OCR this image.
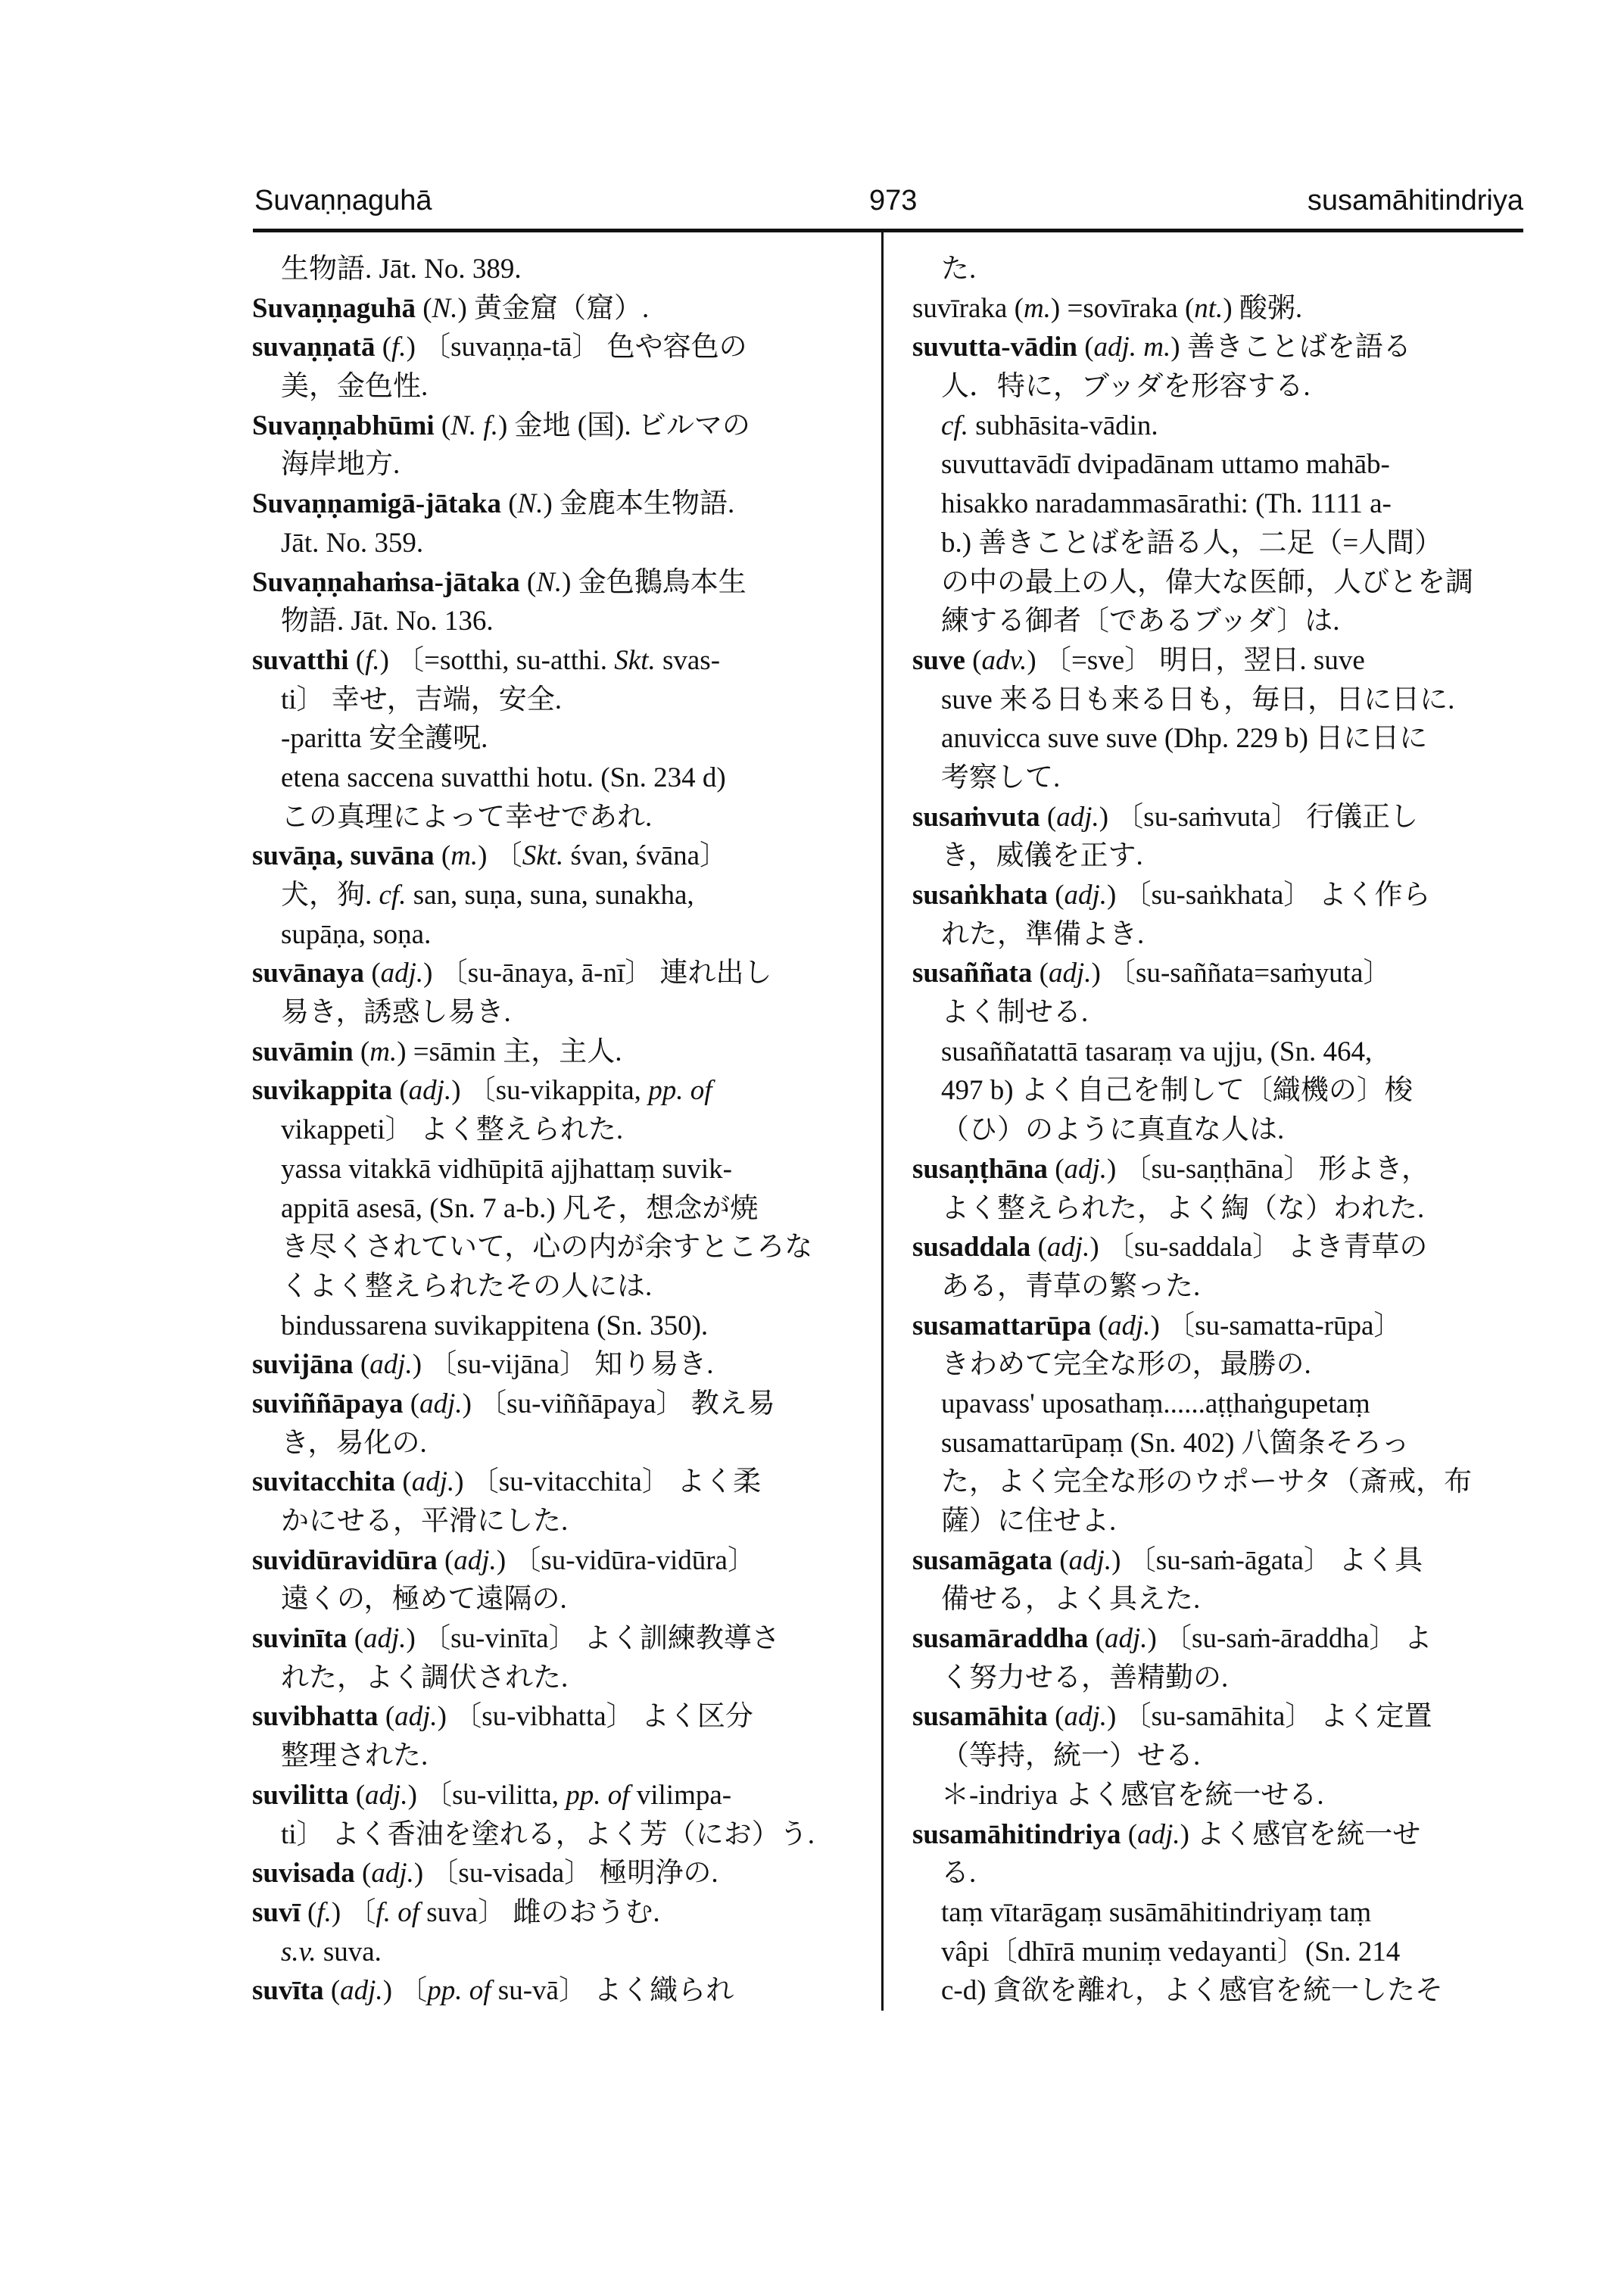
Suvaṇṇaguhā	973	susamāhitindriya
生物語. Jāt. No. 389.
Suvaṇṇaguhā (N.) 黄金窟（窟）.
suvaṇṇatā (f.) 〔suvaṇṇa-tā〕 色や容色の
美，金色性.
Suvaṇṇabhūmi (N. f.) 金地 (国). ビルマの
海岸地方.
Suvaṇṇamigā-jātaka (N.) 金鹿本生物語.
Jāt. No. 359.
Suvaṇṇahaṁsa-jātaka (N.) 金色鵝鳥本生
物語. Jāt. No. 136.
suvatthi (f.) 〔=sotthi, su-atthi. Skt. svas-
ti〕 幸せ，吉端，安全.
-paritta 安全護呪.
etena saccena suvatthi hotu. (Sn. 234 d)
この真理によって幸せであれ.
suvāṇa, suvāna (m.) 〔Skt. śvan, śvāna〕
犬，狗. cf. san, suṇa, suna, sunakha,
supāṇa, soṇa.
suvānaya (adj.) 〔su-ānaya, ā-nī〕 連れ出し
易き，誘惑し易き.
suvāmin (m.) =sāmin 主，主人.
suvikappita (adj.) 〔su-vikappita, pp. of
vikappeti〕 よく整えられた.
yassa vitakkā vidhūpitā ajjhattaṃ suvik-
appitā asesā, (Sn. 7 a-b.) 凡そ，想念が焼
き尽くされていて，心の内が余すところな
くよく整えられたその人には.
bindussarena suvikappitena (Sn. 350).
suvijāna (adj.) 〔su-vijāna〕 知り易き.
suviññāpaya (adj.) 〔su-viññāpaya〕 教え易
き，易化の.
suvitacchita (adj.) 〔su-vitacchita〕 よく柔
かにせる，平滑にした.
suvidūravidūra (adj.) 〔su-vidūra-vidūra〕
遠くの，極めて遠隔の.
suvinīta (adj.) 〔su-vinīta〕 よく訓練教導さ
れた，よく調伏された.
suvibhatta (adj.) 〔su-vibhatta〕 よく区分
整理された.
suvilitta (adj.) 〔su-vilitta, pp. of vilimpa-
ti〕 よく香油を塗れる，よく芳（にお）う.
suvisada (adj.) 〔su-visada〕 極明浄の.
suvī (f.) 〔f. of suva〕 雌のおうむ.
s.v. suva.
suvīta (adj.) 〔pp. of su-vā〕 よく織られ
た.
suvīraka (m.) =sovīraka (nt.) 酸粥.
suvutta-vādin (adj. m.) 善きことばを語る
人．特に，ブッダを形容する.
cf. subhāsita-vādin.
suvuttavādī dvipadānam uttamo mahāb-
hisakko naradammasārathi: (Th. 1111 a-
b.) 善きことばを語る人，二足（=人間）
の中の最上の人，偉大な医師，人びとを調
練する御者〔であるブッダ〕は.
suve (adv.) 〔=sve〕 明日，翌日. suve
suve 来る日も来る日も，毎日，日に日に.
anuvicca suve suve (Dhp. 229 b) 日に日に
考察して.
susaṁvuta (adj.) 〔su-saṁvuta〕 行儀正し
き，威儀を正す.
susaṅkhata (adj.) 〔su-saṅkhata〕 よく作ら
れた，準備よき.
susaññata (adj.) 〔su-saññata=saṁyuta〕
よく制せる.
susaññatattā tasaraṃ va ujju, (Sn. 464,
497 b) よく自己を制して〔織機の〕梭
（ひ）のように真直な人は.
susaṇṭhāna (adj.) 〔su-saṇṭhāna〕 形よき，
よく整えられた，よく綯（な）われた.
susaddala (adj.) 〔su-saddala〕 よき青草の
ある，青草の繁った.
susamattarūpa (adj.) 〔su-samatta-rūpa〕
きわめて完全な形の，最勝の.
upavass' uposathaṃ......aṭṭhaṅgupetaṃ
susamattarūpaṃ (Sn. 402) 八箇条そろっ
た，よく完全な形のウポーサタ（斎戒，布
薩）に住せよ.
susamāgata (adj.) 〔su-saṁ-āgata〕 よく具
備せる，よく具えた.
susamāraddha (adj.) 〔su-saṁ-āraddha〕 よ
く努力せる，善精勤の.
susamāhita (adj.) 〔su-samāhita〕 よく定置
（等持，統一）せる.
＊-indriya よく感官を統一せる.
susamāhitindriya (adj.) よく感官を統一せ
る.
taṃ vītarāgaṃ susāmāhitindriyaṃ taṃ
vâpi〔dhīrā muniṃ vedayanti〕(Sn. 214
c-d) 貪欲を離れ，よく感官を統一したそ
